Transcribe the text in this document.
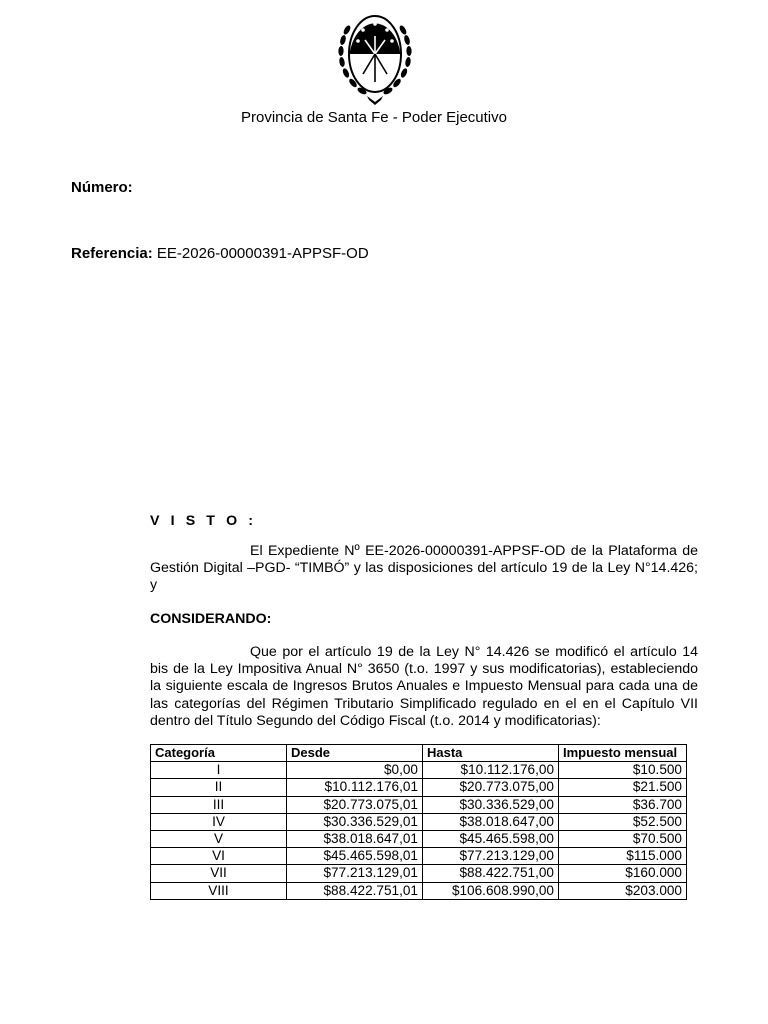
Provincia de Santa Fe - Poder Ejecutivo
Número:
Referencia: EE-2026-00000391-APPSF-OD
V I S T O :
El Expediente Nº EE-2026-00000391-APPSF-OD de la Plataforma de Gestión Digital –PGD- “TIMBÓ” y las disposiciones del artículo 19 de la Ley N°14.426; y
CONSIDERANDO:
Que por el artículo 19 de la Ley N° 14.426 se modificó el artículo 14 bis de la Ley Impositiva Anual N° 3650 (t.o. 1997 y sus modificatorias), estableciendo la siguiente escala de Ingresos Brutos Anuales e Impuesto Mensual para cada una de las categorías del Régimen Tributario Simplificado regulado en el en el Capítulo VII dentro del Título Segundo del Código Fiscal (t.o. 2014 y modificatorias):
Categoría	Desde	Hasta	Impuesto mensual
I	$0,00	$10.112.176,00	$10.500
II	$10.112.176,01	$20.773.075,00	$21.500
III	$20.773.075,01	$30.336.529,00	$36.700
IV	$30.336.529,01	$38.018.647,00	$52.500
V	$38.018.647,01	$45.465.598,00	$70.500
VI	$45.465.598,01	$77.213.129,00	$115.000
VII	$77.213.129,01	$88.422.751,00	$160.000
VIII	$88.422.751,01	$106.608.990,00	$203.000
